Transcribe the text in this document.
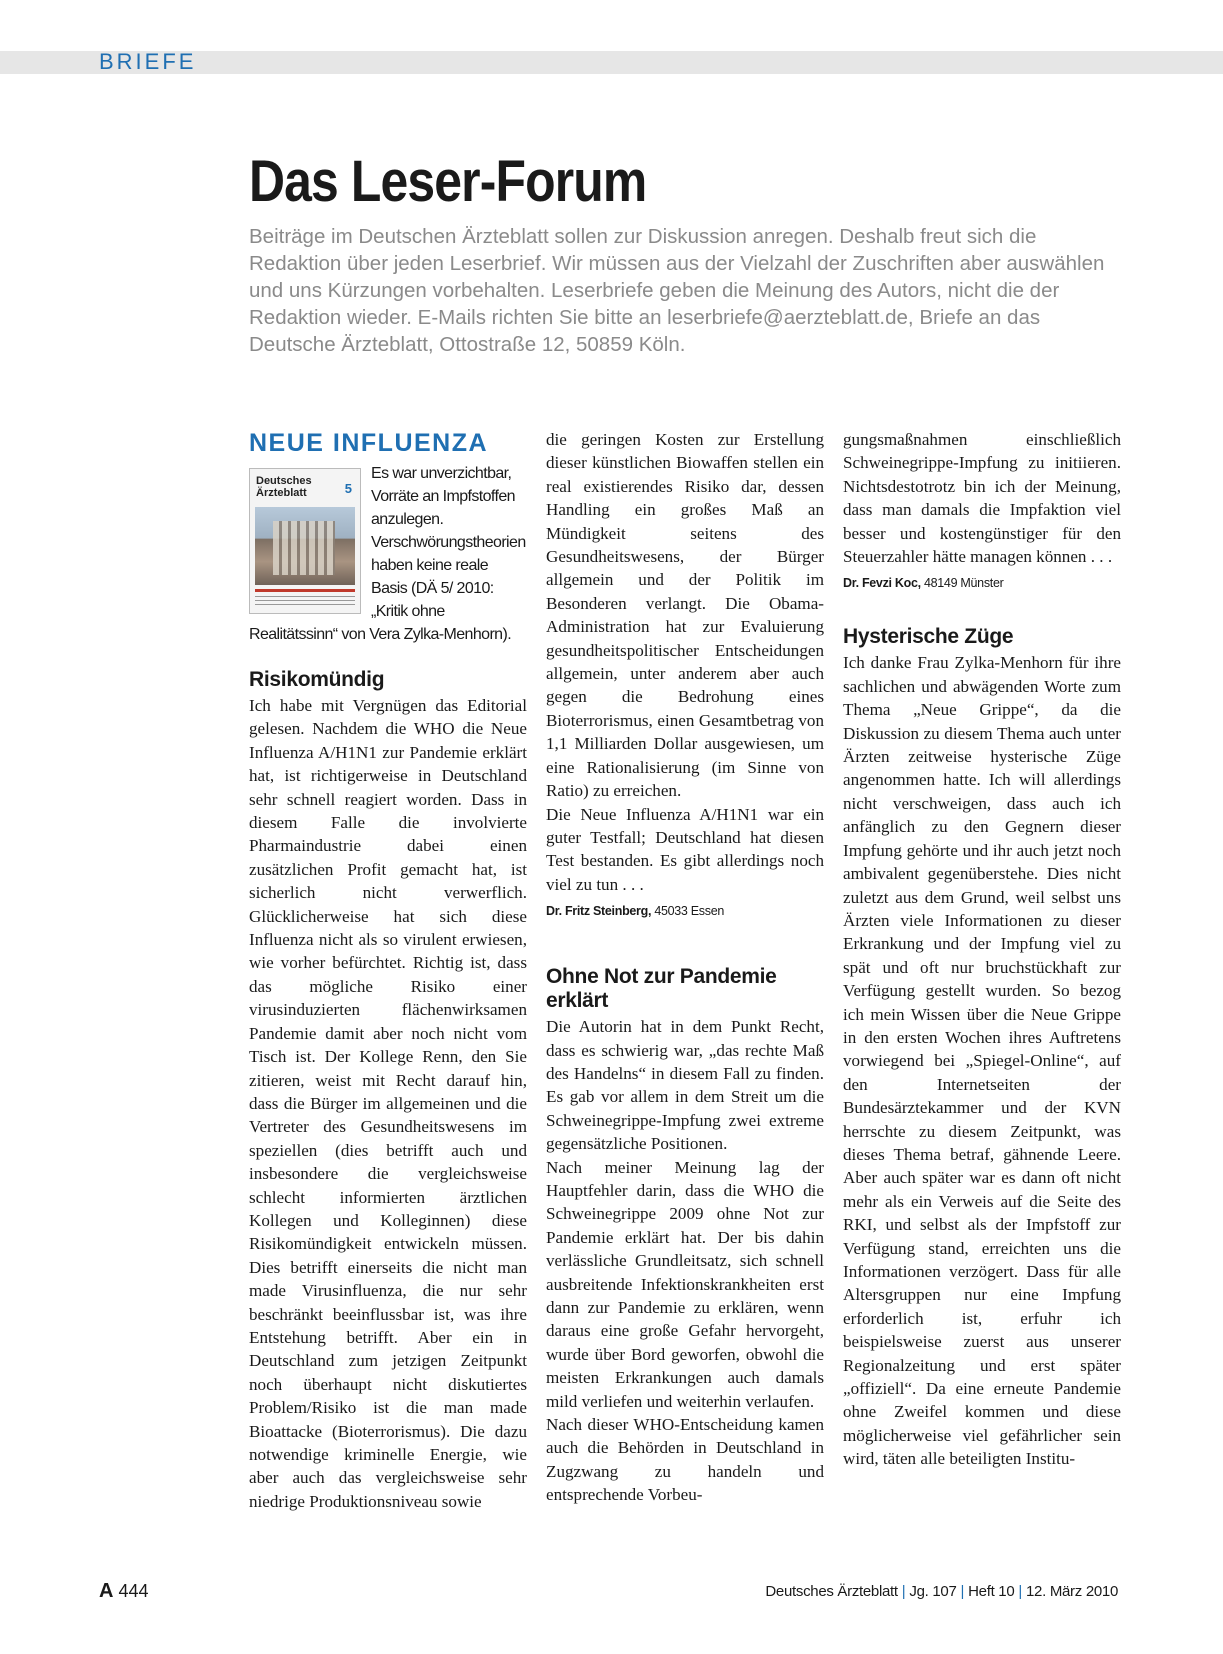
BRIEFE
Das Leser-Forum
Beiträge im Deutschen Ärzteblatt sollen zur Diskussion anregen. Deshalb freut sich die Redaktion über jeden Leserbrief. Wir müssen aus der Vielzahl der Zuschriften aber auswählen und uns Kürzungen vorbehalten. Leserbriefe geben die Meinung des Autors, nicht die der Redaktion wieder. E-Mails richten Sie bitte an leserbriefe@aerzteblatt.de, Briefe an das Deutsche Ärzteblatt, Ottostraße 12, 50859 Köln.
NEUE INFLUENZA
Deutsches Ärzteblatt	5
Es war unverzichtbar, Vorräte an Impfstoffen anzulegen. Verschwörungstheorien haben keine reale Basis (DÄ 5/ 2010: „Kritik ohne Realitätssinn“ von Vera Zylka-Menhorn).
Risikomündig

Ich habe mit Vergnügen das Editorial gelesen. Nachdem die WHO die Neue Influenza A/H1N1 zur Pandemie erklärt hat, ist richtigerweise in Deutschland sehr schnell reagiert worden. Dass in diesem Falle die involvierte Pharmaindustrie dabei einen zusätzlichen Profit gemacht hat, ist sicherlich nicht verwerflich. Glücklicherweise hat sich diese Influenza nicht als so virulent erwiesen, wie vorher befürchtet. Richtig ist, dass das mögliche Risiko einer virusinduzierten flächenwirksamen Pandemie damit aber noch nicht vom Tisch ist. Der Kollege Renn, den Sie zitieren, weist mit Recht darauf hin, dass die Bürger im allgemeinen und die Vertreter des Gesundheitswesens im speziellen (dies betrifft auch und insbesondere die vergleichsweise schlecht informierten ärztlichen Kollegen und Kolleginnen) diese Risikomündigkeit entwickeln müssen. Dies betrifft einerseits die nicht man made Virusinfluenza, die nur sehr beschränkt beeinflussbar ist, was ihre Entstehung betrifft. Aber ein in Deutschland zum jetzigen Zeitpunkt noch überhaupt nicht diskutiertes Problem/Risiko ist die man made Bioattacke (Bioterrorismus). Die dazu notwendige kriminelle Energie, wie aber auch das vergleichsweise sehr niedrige Produktionsniveau sowie

die geringen Kosten zur Erstellung dieser künstlichen Biowaffen stellen ein real existierendes Risiko dar, dessen Handling ein großes Maß an Mündigkeit seitens des Gesundheitswesens, der Bürger allgemein und der Politik im Besonderen verlangt. Die Obama-Administration hat zur Evaluierung gesundheitspolitischer Entscheidungen allgemein, unter anderem aber auch gegen die Bedrohung eines Bioterrorismus, einen Gesamtbetrag von 1,1 Milliarden Dollar ausgewiesen, um eine Rationalisierung (im Sinne von Ratio) zu erreichen.

Die Neue Influenza A/H1N1 war ein guter Testfall; Deutschland hat diesen Test bestanden. Es gibt allerdings noch viel zu tun . . .

Dr. Fritz Steinberg, 45033 Essen
Ohne Not zur Pandemie erklärt

Die Autorin hat in dem Punkt Recht, dass es schwierig war, „das rechte Maß des Handelns“ in diesem Fall zu finden. Es gab vor allem in dem Streit um die Schweinegrippe-Impfung zwei extreme gegensätzliche Positionen.

Nach meiner Meinung lag der Hauptfehler darin, dass die WHO die Schweinegrippe 2009 ohne Not zur Pandemie erklärt hat. Der bis dahin verlässliche Grundleitsatz, sich schnell ausbreitende Infektionskrankheiten erst dann zur Pandemie zu erklären, wenn daraus eine große Gefahr hervorgeht, wurde über Bord geworfen, obwohl die meisten Erkrankungen auch damals mild verliefen und weiterhin verlaufen.

Nach dieser WHO-Entscheidung kamen auch die Behörden in Deutschland in Zugzwang zu handeln und entsprechende Vorbeu-

gungsmaßnahmen einschließlich Schweinegrippe-Impfung zu initiieren. Nichtsdestotrotz bin ich der Meinung, dass man damals die Impfaktion viel besser und kostengünstiger für den Steuerzahler hätte managen können . . .

Dr. Fevzi Koc, 48149 Münster
Hysterische Züge

Ich danke Frau Zylka-Menhorn für ihre sachlichen und abwägenden Worte zum Thema „Neue Grippe“, da die Diskussion zu diesem Thema auch unter Ärzten zeitweise hysterische Züge angenommen hatte. Ich will allerdings nicht verschweigen, dass auch ich anfänglich zu den Gegnern dieser Impfung gehörte und ihr auch jetzt noch ambivalent gegenüberstehe. Dies nicht zuletzt aus dem Grund, weil selbst uns Ärzten viele Informationen zu dieser Erkrankung und der Impfung viel zu spät und oft nur bruchstückhaft zur Verfügung gestellt wurden. So bezog ich mein Wissen über die Neue Grippe in den ersten Wochen ihres Auftretens vorwiegend bei „Spiegel-Online“, auf den Internetseiten der Bundesärztekammer und der KVN herrschte zu diesem Zeitpunkt, was dieses Thema betraf, gähnende Leere. Aber auch später war es dann oft nicht mehr als ein Verweis auf die Seite des RKI, und selbst als der Impfstoff zur Verfügung stand, erreichten uns die Informationen verzögert. Dass für alle Altersgruppen nur eine Impfung erforderlich ist, erfuhr ich beispielsweise zuerst aus unserer Regionalzeitung und erst später „offiziell“. Da eine erneute Pandemie ohne Zweifel kommen und diese möglicherweise viel gefährlicher sein wird, täten alle beteiligten Institu-

A 444	Deutsches Ärzteblatt | Jg. 107 | Heft 10 | 12. März 2010
